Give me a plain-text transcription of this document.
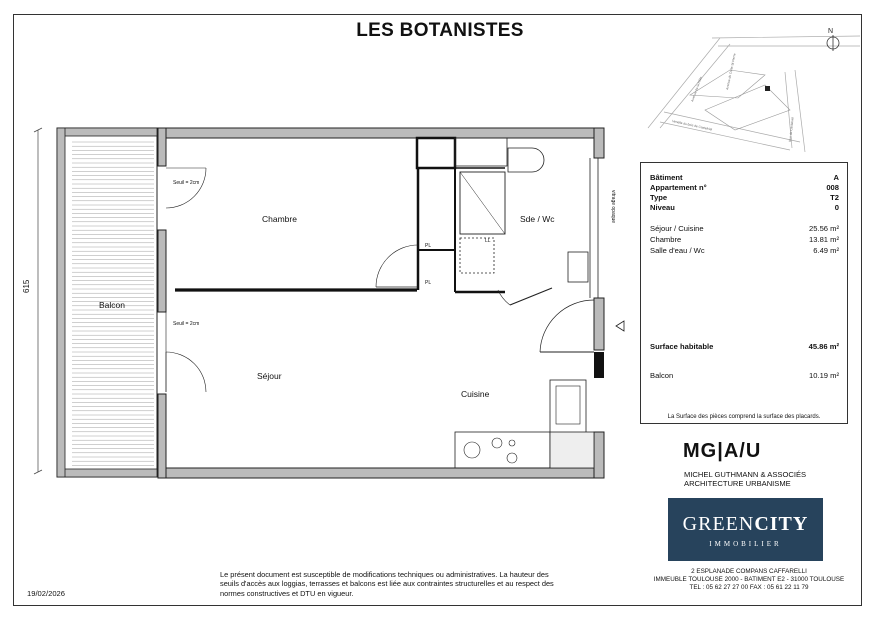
LES BOTANISTES
Chambre
Séjour
Cuisine
Sde / Wc
Balcon
Seuil = 2cm
Seuil = 2cm
PL
PL
LL
vitrage opaque
N
Avenue de Crète St Pierre
Avenue de la Flûte
Venelle du bois de Castelviel	Rue de Castelviel
615
Bâtiment	A
Appartement n°	008
Type	T2
Niveau	0
Séjour / Cuisine	25.56 m²
Chambre	13.81 m²
Salle d'eau / Wc	6.49 m²
Surface habitable	45.86 m²
Balcon	10.19 m²
La Surface des pièces comprend la surface des placards.
MG|A/U
MICHEL GUTHMANN & ASSOCIÉS
ARCHITECTURE URBANISME
GREENCITY
IMMOBILIER
2 ESPLANADE COMPANS CAFFARELLI
IMMEUBLE TOULOUSE 2000 - BATIMENT E2 - 31000 TOULOUSE
TEL : 05 62 27 27 00 FAX : 05 61 22 11 79
Le présent document est susceptible de modifications techniques ou administratives. La hauteur des seuils d'accès aux loggias, terrasses et balcons est liée aux contraintes structurelles et au respect des normes constructives et DTU en vigueur.
19/02/2026
